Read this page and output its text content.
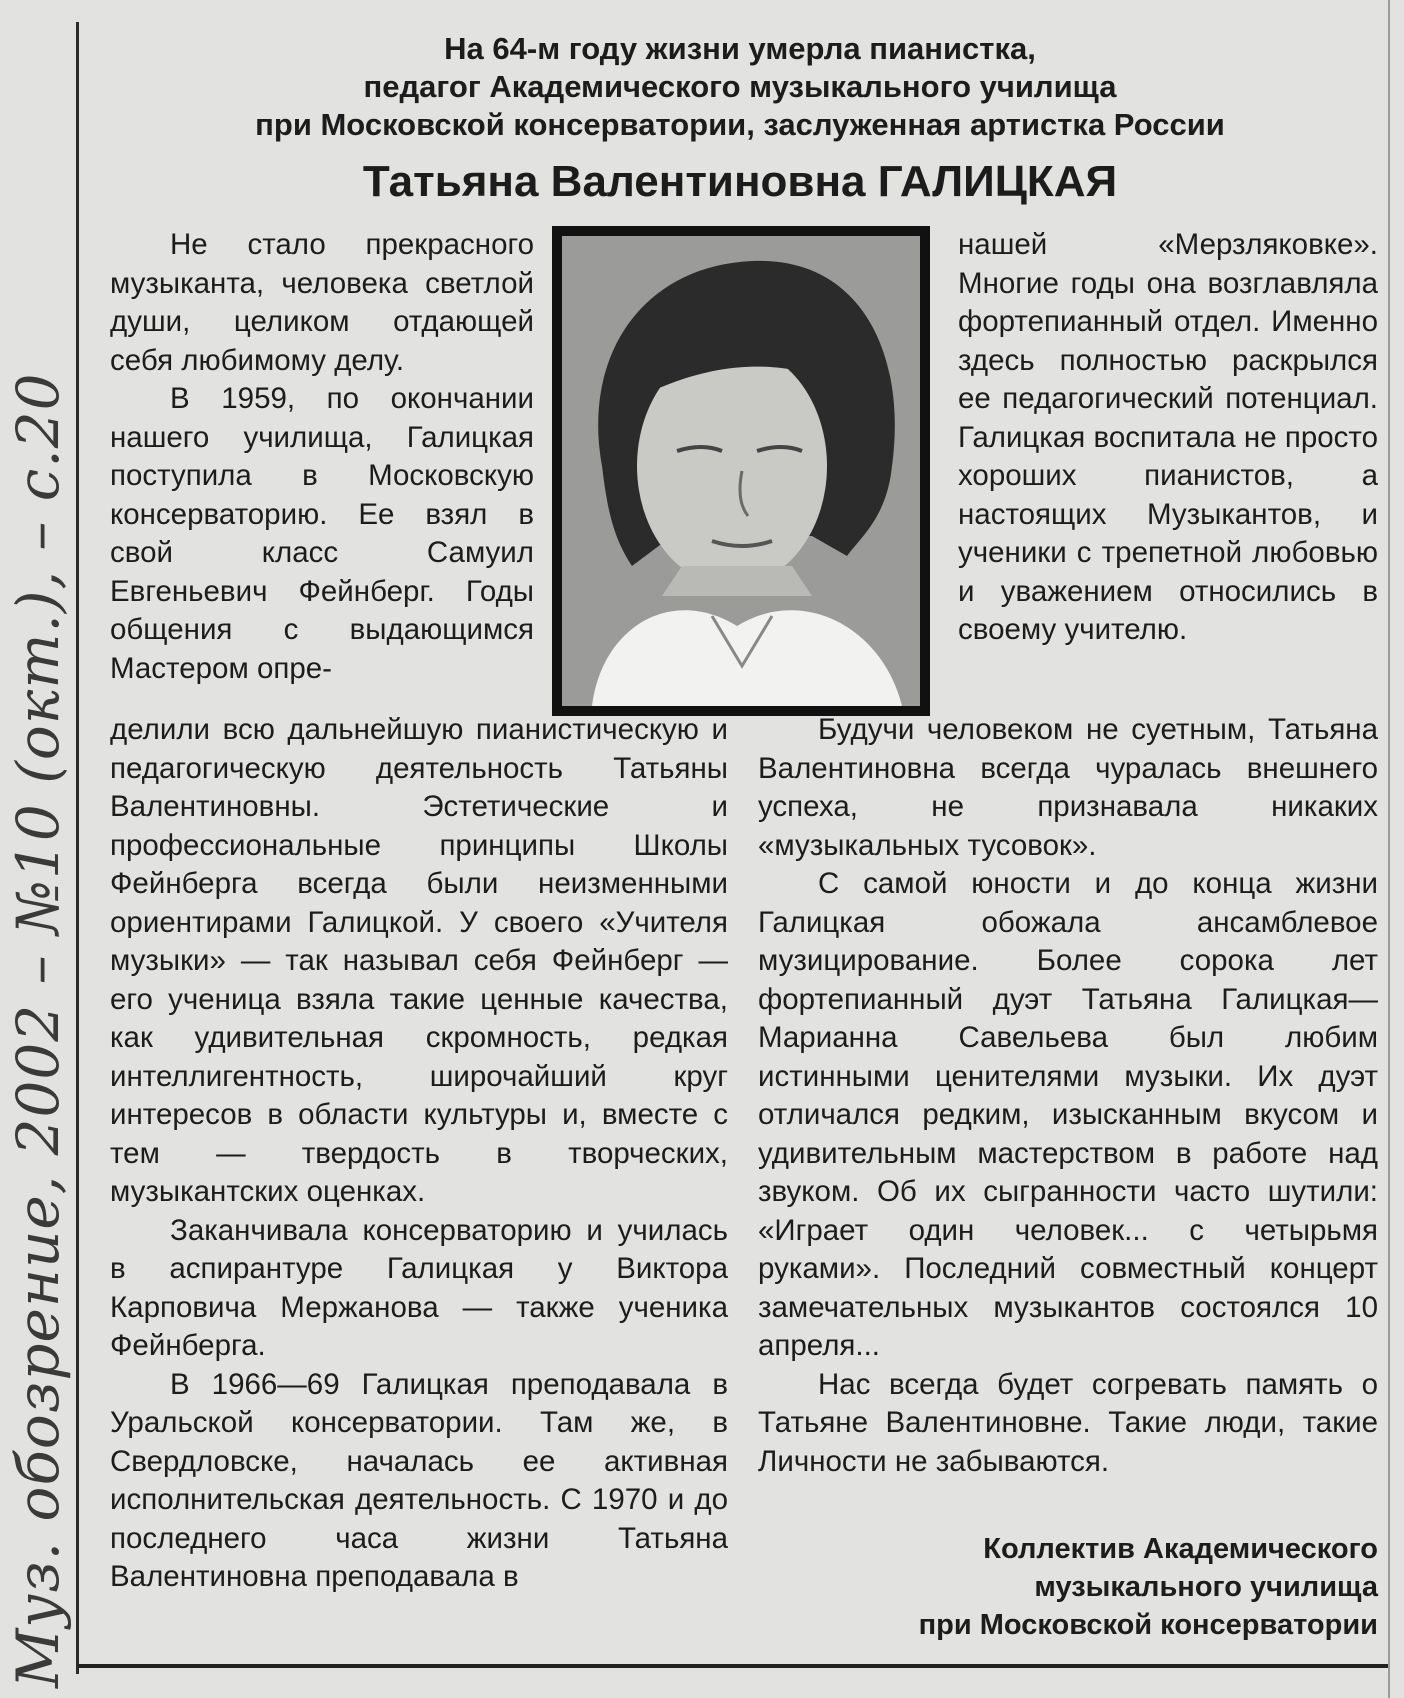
Муз. обозрение, 2002 – №10 (окт.), – с.20
На 64-м году жизни умерла пианистка,
педагог Академического музыкального училища
при Московской консерватории, заслуженная артистка России
Татьяна Валентиновна ГАЛИЦКАЯ

Не стало прекрасного музыканта, человека светлой души, целиком отдающей себя любимому делу.

В 1959, по окончании нашего училища, Галицкая поступила в Московскую консерваторию. Ее взял в свой класс Самуил Евгеньевич Фейнберг. Годы общения с выдающимся Мастером опре-

делили всю дальнейшую пианистическую и педагогическую деятельность Татьяны Валентиновны. Эстетические и профессиональные принципы Школы Фейнберга всегда были неизменными ориентирами Галицкой. У своего «Учителя музыки» — так называл себя Фейнберг — его ученица взяла такие ценные качества, как удивительная скромность, редкая интеллигентность, широчайший круг интересов в области культуры и, вместе с тем — твердость в творческих, музыкантских оценках.

Заканчивала консерваторию и училась в аспирантуре Галицкая у Виктора Карповича Мержанова — также ученика Фейнберга.

В 1966—69 Галицкая преподавала в Уральской консерватории. Там же, в Свердловске, началась ее активная исполнительская деятельность. С 1970 и до последнего часа жизни Татьяна Валентиновна преподавала в

нашей «Мерзляковке». Многие годы она возглавляла фортепианный отдел. Именно здесь полностью раскрылся ее педагогический потенциал. Галицкая воспитала не просто хороших пианистов, а настоящих Музыкантов, и ученики с трепетной любовью и уважением относились в своему учителю.

Будучи человеком не суетным, Татьяна Валентиновна всегда чуралась внешнего успеха, не признавала никаких «музыкальных тусовок».

С самой юности и до конца жизни Галицкая обожала ансамблевое музицирование. Более сорока лет фортепианный дуэт Татьяна Галицкая—Марианна Савельева был любим истинными ценителями музыки. Их дуэт отличался редким, изысканным вкусом и удивительным мастерством в работе над звуком. Об их сыгранности часто шутили: «Играет один человек... с четырьмя руками». Последний совместный концерт замечательных музыкантов состоялся 10 апреля...

Нас всегда будет согревать память о Татьяне Валентиновне. Такие люди, такие Личности не забываются.

Коллектив Академического
музыкального училища
при Московской консерватории
